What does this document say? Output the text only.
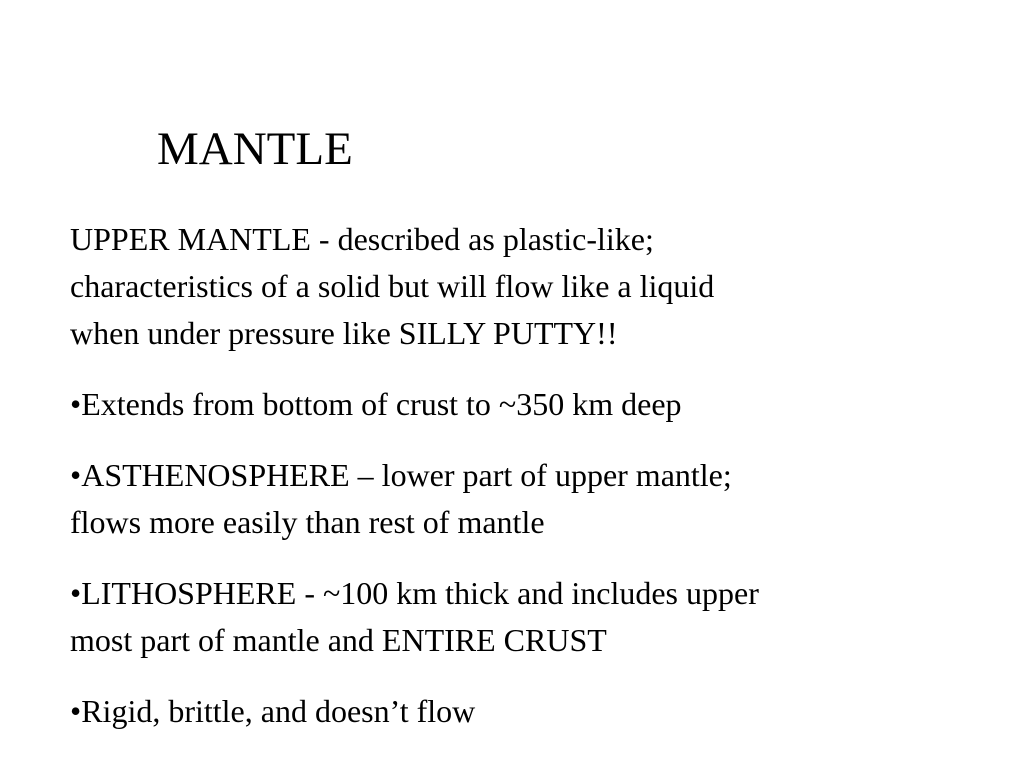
MANTLE

UPPER MANTLE - described as plastic-like;
characteristics of a solid but will flow like a liquid
when under pressure like SILLY PUTTY!!

•Extends from bottom of crust to ~350 km deep

•ASTHENOSPHERE – lower part of upper mantle;
flows more easily than rest of mantle

•LITHOSPHERE - ~100 km thick and includes upper
most part of mantle and ENTIRE CRUST

•Rigid, brittle, and doesn’t flow
